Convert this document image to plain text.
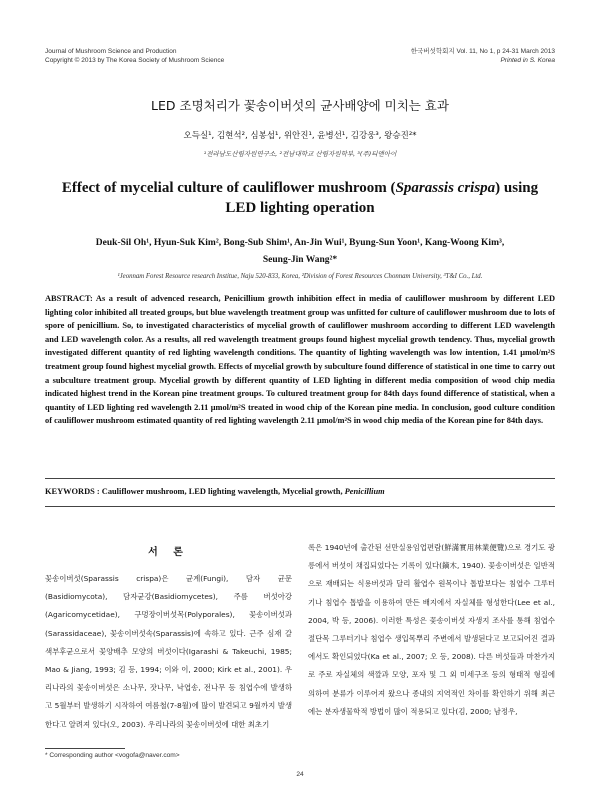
Journal of Mushroom Science and Production
Copyright © 2013 by The Korea Society of Mushroom Science
한국버섯학회지 Vol. 11, No 1, p 24-31 March 2013
Printed in S. Korea
LED 조명처리가 꽃송이버섯의 균사배양에 미치는 효과
오득실¹, 김현석², 심봉섭¹, 위안진¹, 윤병선¹, 김강웅³, 왕승진²*
¹전라남도산림자원연구소, ²전남대학교 산림자원학부, ³(주)티앤아이
Effect of mycelial culture of cauliflower mushroom (Sparassis crispa) using LED lighting operation
Deuk-Sil Oh¹, Hyun-Suk Kim², Bong-Sub Shim¹, An-Jin Wui¹, Byung-Sun Yoon¹, Kang-Woong Kim³,
Seung-Jin Wang²*
¹Jeonnam Forest Resource research Institue, Naju 520-833, Korea, ²Division of Forest Resources Chonnam University, ³T&I Co., Ltd.
ABSTRACT: As a result of advenced research, Penicillium growth inhibition effect in media of cauliflower mushroom by different LED lighting color inhibited all treated groups, but blue wavelength treatment group was unfitted for culture of cauliflower mushroom due to lots of spore of penicillium. So, to investigated characteristics of mycelial growth of cauliflower mushroom according to different LED wavelength and LED wavelength color. As a results, all red wavelength treatment groups found highest mycelial growth tendency. Thus, mycelial growth investigated different quantity of red lighting wavelength conditions. The quantity of lighting wavelength was low intention, 1.41 μmol/m²S treatment group found highest mycelial growth. Effects of mycelial growth by subculture found difference of statistical in one time to carry out a subculture treatment group. Mycelial growth by different quantity of LED lighting in different media composition of wood chip media indicated highest trend in the Korean pine treatment groups. To cultured treatment group for 84th days found difference of statistical, when a quantity of LED lighting red wavelength 2.11 μmol/m²S treated in wood chip of the Korean pine media. In conclusion, good culture condition of cauliflower mushroom estimated quantity of red lighting wavelength 2.11 μmol/m²S in wood chip media of the Korean pine for 84th days.
KEYWORDS : Cauliflower mushroom, LED lighting wavelength, Mycelial growth, Penicillium
서 론
꽃송이버섯(Sparassis crispa)은 균계(Fungi), 담자 균문(Basidiomycota), 담자균강(Basidiomycetes), 주름 버섯아강(Agaricomycetidae), 구멍장이버섯목(Polyporales), 꽃송이버섯과(Sarassidaceae), 꽃송이버섯속(Sparassis)에 속하고 있다. 근주 심재 갈색부후균으로서 꽃양배추 모양의 버섯이다(Igarashi & Takeuchi, 1985; Mao & Jiang, 1993; 김 등, 1994; 이와 이, 2000; Kirk et al., 2001). 우리나라의 꽃송이버섯은 소나무, 잣나무, 낙엽송, 전나무 등 침엽수에 발생하고 5월부터 발생하기 시작하여 여름철(7-8월)에 많이 발견되고 9월까지 발생한다고 알려져 있다(오, 2003). 우리나라의 꽃송이버섯에 대한 최초기
록은 1940년에 출간된 선만실용임업편람(鮮滿實用林業便覽)으로 경기도 광릉에서 버섯이 채집되었다는 기록이 있다(鏑木, 1940). 꽃송이버섯은 일반적으로 재배되는 식용버섯과 달리 활엽수 원목이나 톱밥보다는 침엽수 그루터기나 침엽수 톱밥을 이용하여 만든 배지에서 자실체를 형성한다(Lee et al., 2004, 박 등, 2006). 이러한 특성은 꽃송이버섯 자생지 조사를 통해 침엽수 절단목 그루터기나 침엽수 생입목뿌리 주변에서 발생된다고 보고되어진 결과에서도 확인되었다(Ka et al., 2007; 오 등, 2008). 다른 버섯들과 마찬가지로 주로 자실체의 색깔과 모양, 포자 및 그 외 미세구조 등의 형태적 형질에 의하여 분류가 이루어져 왔으나 종내의 지역적인 차이를 확인하기 위해 최근에는 분자생물학적 방법이 많이 적용되고 있다(김, 2000; 남정우,
* Corresponding author <vogofa@naver.com>
24
